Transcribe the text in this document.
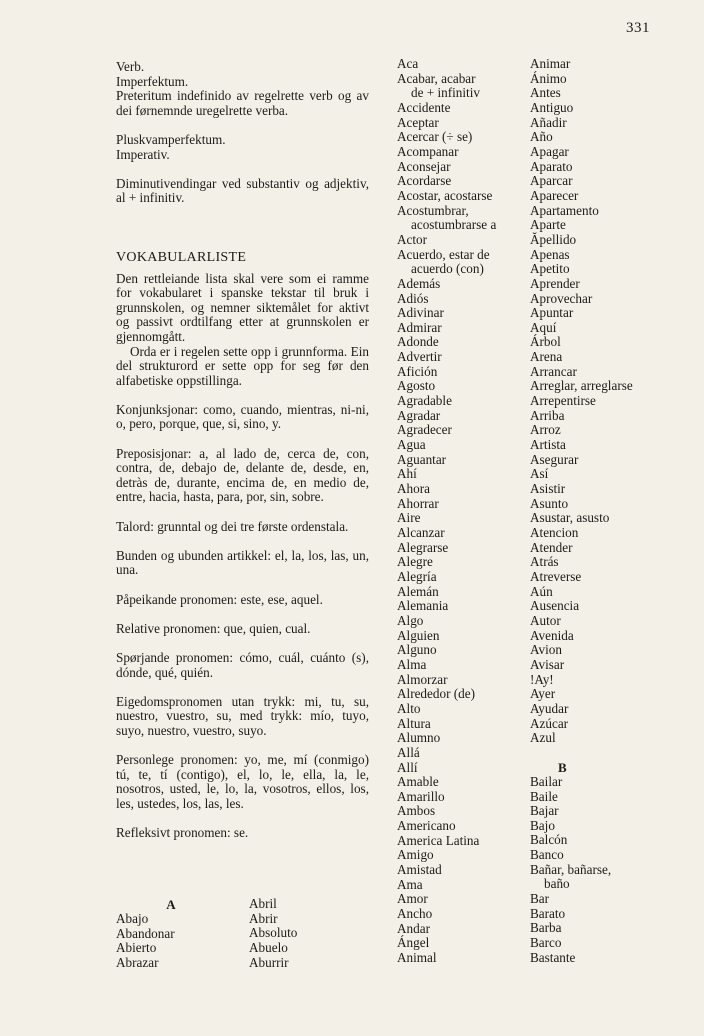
331
Verb.
Imperfektum.

Preteritum indefinido av regelrette verb og av dei førnemnde uregelrette verba.

Pluskvamperfektum.
Imperativ.

Diminutivendingar ved substantiv og adjektiv, al + infinitiv.

VOKABULARLISTE

Den rettleiande lista skal vere som ei ramme for vokabularet i spanske tekstar til bruk i grunnskolen, og nemner siktemålet for aktivt og passivt ordtilfang etter at grunnskolen er gjennomgått.

Orda er i regelen sette opp i grunnforma. Ein del strukturord er sette opp for seg før den alfabetiske oppstillinga.

Konjunksjonar: como, cuando, mientras, ni-ni, o, pero, porque, que, si, sino, y.

Preposisjonar: a, al lado de, cerca de, con, contra, de, debajo de, delante de, desde, en, detràs de, durante, encima de, en medio de, entre, hacia, hasta, para, por, sin, sobre.

Talord: grunntal og dei tre første ordenstala.

Bunden og ubunden artikkel: el, la, los, las, un, una.

Påpeikande pronomen: este, ese, aquel.

Relative pronomen: que, quien, cual.

Spørjande pronomen: cómo, cuál, cuánto (s), dónde, qué, quién.

Eigedomspronomen utan trykk: mi, tu, su, nuestro, vuestro, su, med trykk: mío, tuyo, suyo, nuestro, vuestro, suyo.

Personlege pronomen: yo, me, mí (conmigo) tú, te, tí (contigo), el, lo, le, ella, la, le, nosotros, usted, le, lo, la, vosotros, ellos, los, les, ustedes, los, las, les.

Refleksivt pronomen: se.

A
Abajo
Abandonar
Abierto
Abrazar
Abril
Abrir
Absoluto
Abuelo
Aburrir
Aca
Acabar, acabar
de + infinitiv
Accidente
Aceptar
Acercar (÷ se)
Acompanar
Aconsejar
Acordarse
Acostar, acostarse
Acostumbrar,
acostumbrarse a
Actor
Acuerdo, estar de
acuerdo (con)
Además
Adiós
Adivinar
Admirar
Adonde
Advertir
Afición
Agosto
Agradable
Agradar
Agradecer
Agua
Aguantar
Ahí
Ahora
Ahorrar
Aire
Alcanzar
Alegrarse
Alegre
Alegría
Alemán
Alemania
Algo
Alguien
Alguno
Alma
Almorzar
Alrededor (de)
Alto
Altura
Alumno
Allá
Allí
Amable
Amarillo
Ambos
Americano
America Latina
Amigo
Amistad
Ama
Amor
Ancho
Andar
Ángel
Animal
Animar
Ánimo
Antes
Antiguo
Añadir
Año
Apagar
Aparato
Aparcar
Aparecer
Apartamento
Aparte
Ăpellido
Apenas
Apetito
Aprender
Aprovechar
Apuntar
Aquí
Árbol
Arena
Arrancar
Arreglar, arreglarse
Arrepentirse
Arriba
Arroz
Artista
Asegurar
Así
Asistir
Asunto
Asustar, asusto
Atencion
Atender
Atrás
Atreverse
Aún
Ausencia
Autor
Avenida
Avion
Avisar
!Ay!
Ayer
Ayudar
Azúcar
Azul
B
Bailar
Baile
Bajar
Bajo
Balcón
Banco
Bañar, bañarse,
baño
Bar
Barato
Barba
Barco
Bastante
